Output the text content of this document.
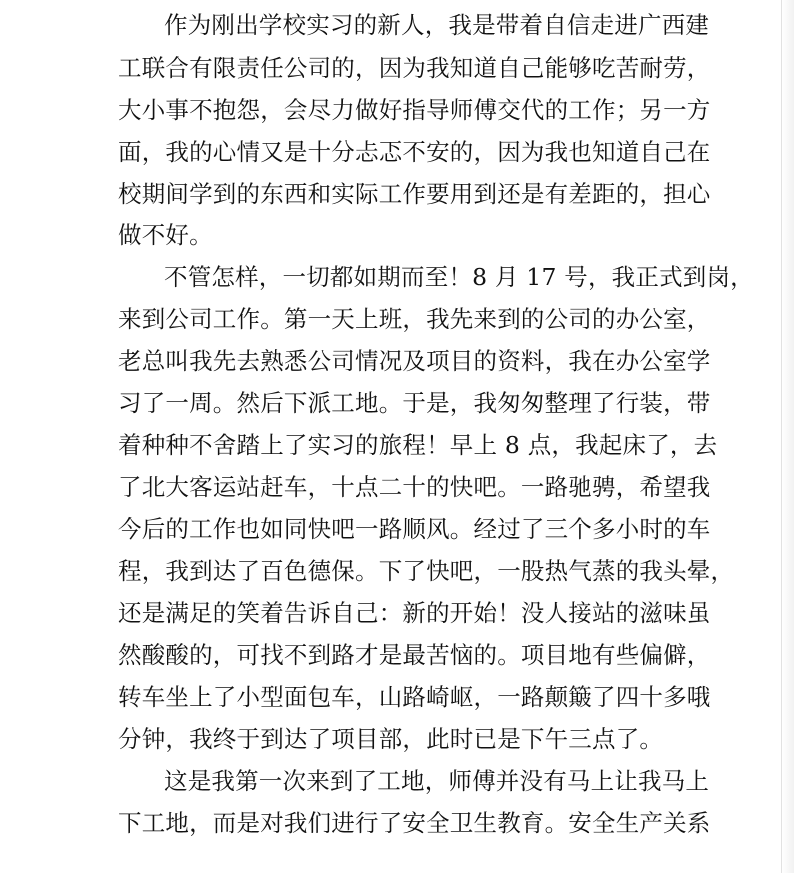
作为刚出学校实习的新人，我是带着自信走进广西建
工联合有限责任公司的，因为我知道自己能够吃苦耐劳，
大小事不抱怨，会尽力做好指导师傅交代的工作；另一方
面，我的心情又是十分忐忑不安的，因为我也知道自己在
校期间学到的东西和实际工作要用到还是有差距的，担心
做不好。
不管怎样，一切都如期而至！8 月 17 号，我正式到岗，
来到公司工作。第一天上班，我先来到的公司的办公室，
老总叫我先去熟悉公司情况及项目的资料，我在办公室学
习了一周。然后下派工地。于是，我匆匆整理了行装，带
着种种不舍踏上了实习的旅程！早上 8 点，我起床了，去
了北大客运站赶车，十点二十的快吧。一路驰骋，希望我
今后的工作也如同快吧一路顺风。经过了三个多小时的车
程，我到达了百色德保。下了快吧，一股热气蒸的我头晕，
还是满足的笑着告诉自己：新的开始！没人接站的滋味虽
然酸酸的，可找不到路才是最苦恼的。项目地有些偏僻，
转车坐上了小型面包车，山路崎岖，一路颠簸了四十多哦
分钟，我终于到达了项目部，此时已是下午三点了。
这是我第一次来到了工地，师傅并没有马上让我马上
下工地，而是对我们进行了安全卫生教育。安全生产关系
